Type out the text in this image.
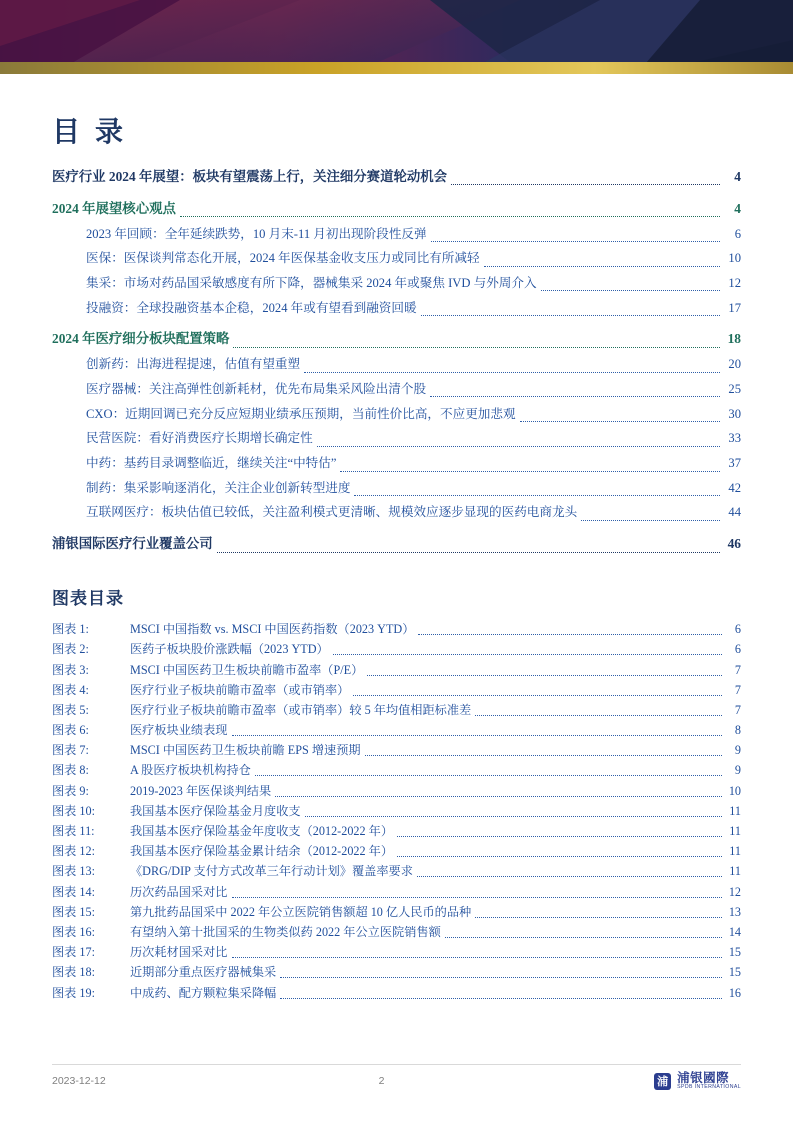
目 录
医疗行业 2024 年展望：板块有望震荡上行，关注细分赛道轮动机会	4
2024 年展望核心观点	4
2023 年回顾：全年延续跌势，10 月末-11 月初出现阶段性反弹	6
医保：医保谈判常态化开展，2024 年医保基金收支压力或同比有所减轻	10
集采：市场对药品国采敏感度有所下降，器械集采 2024 年或聚焦 IVD 与外周介入	12
投融资：全球投融资基本企稳，2024 年或有望看到融资回暖	17
2024 年医疗细分板块配置策略	18
创新药：出海进程提速，估值有望重塑	20
医疗器械：关注高弹性创新耗材，优先布局集采风险出清个股	25
CXO：近期回调已充分反应短期业绩承压预期，当前性价比高，不应更加悲观	30
民营医院：看好消费医疗长期增长确定性	33
中药：基药目录调整临近，继续关注“中特估”	37
制药：集采影响逐消化，关注企业创新转型进度	42
互联网医疗：板块估值已较低，关注盈利模式更清晰、规模效应逐步显现的医药电商龙头	44
浦银国际医疗行业覆盖公司	46
图表目录
图表 1:	MSCI 中国指数 vs. MSCI 中国医药指数（2023 YTD）	6
图表 2:	医药子板块股价涨跌幅（2023 YTD）	6
图表 3:	MSCI 中国医药卫生板块前瞻市盈率（P/E）	7
图表 4:	医疗行业子板块前瞻市盈率（或市销率）	7
图表 5:	医疗行业子板块前瞻市盈率（或市销率）较 5 年均值相距标准差	7
图表 6:	医疗板块业绩表现	8
图表 7:	MSCI 中国医药卫生板块前瞻 EPS 增速预期	9
图表 8:	A 股医疗板块机构持仓	9
图表 9:	2019-2023 年医保谈判结果	10
图表 10:	我国基本医疗保险基金月度收支	11
图表 11:	我国基本医疗保险基金年度收支（2012-2022 年）	11
图表 12:	我国基本医疗保险基金累计结余（2012-2022 年）	11
图表 13:	《DRG/DIP 支付方式改革三年行动计划》覆盖率要求	11
图表 14:	历次药品国采对比	12
图表 15:	第九批药品国采中 2022 年公立医院销售额超 10 亿人民币的品种	13
图表 16:	有望纳入第十批国采的生物类似药 2022 年公立医院销售额	14
图表 17:	历次耗材国采对比	15
图表 18:	近期部分重点医疗器械集采	15
图表 19:	中成药、配方颗粒集采降幅	16
2023-12-12	2	浦 浦银國際
SPDB INTERNATIONAL
